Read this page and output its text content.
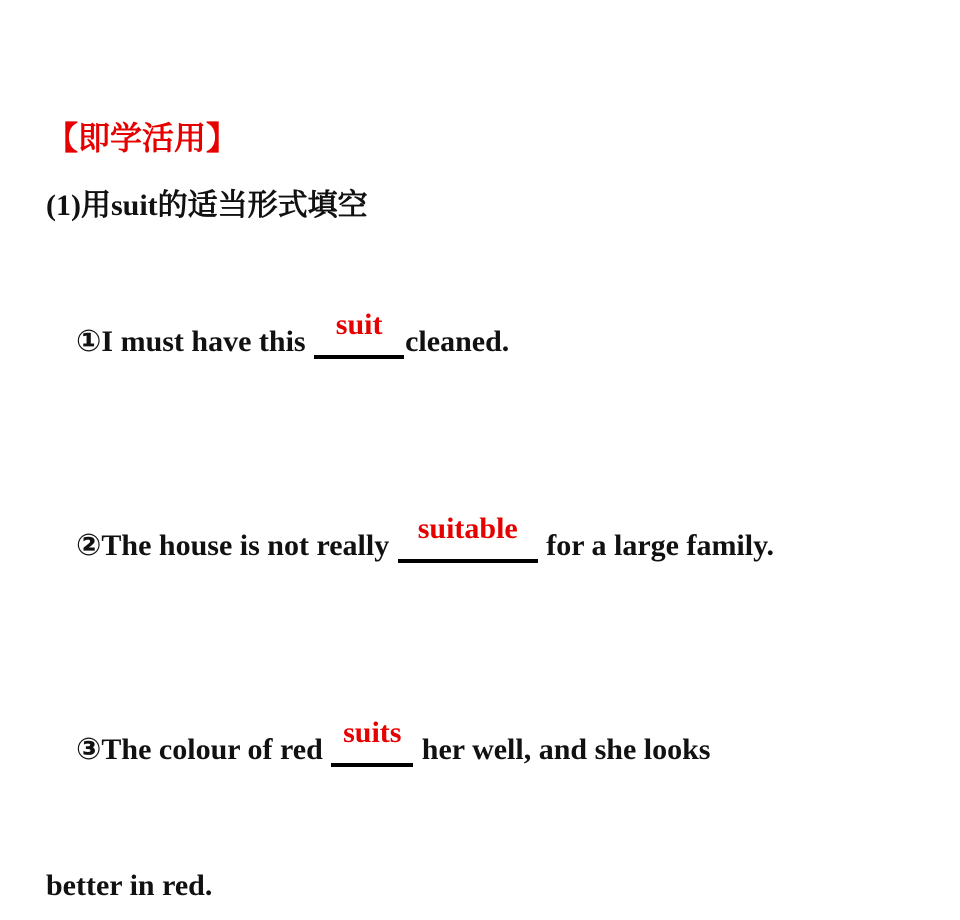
【即学活用】
(1)用suit的适当形式填空

①I must have this
suit
cleaned.

②The house is not really
suitable
for a large family.

③The colour of red
suits
her well, and she looks

better in red.
